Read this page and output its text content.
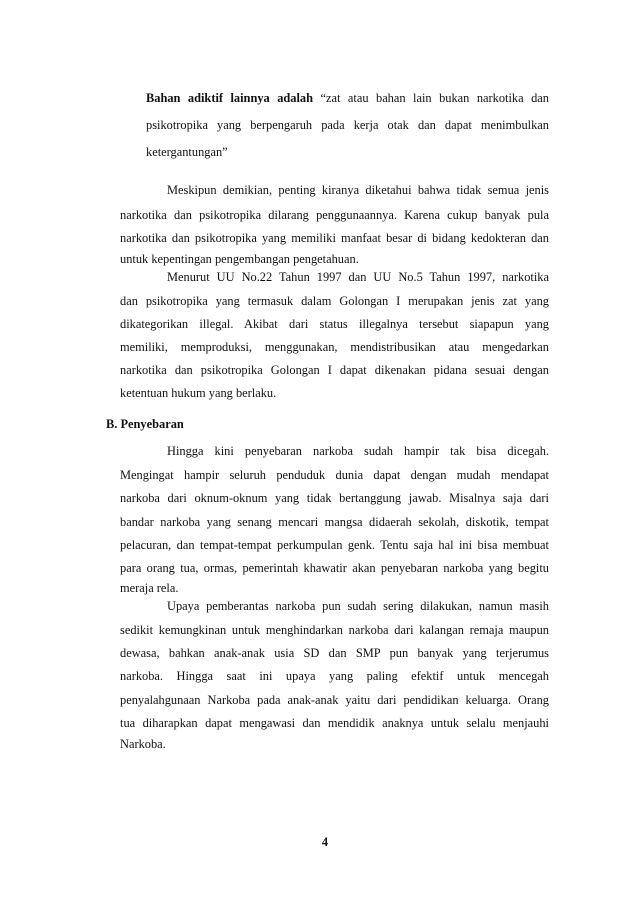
Bahan adiktif lainnya adalah “zat atau bahan lain bukan narkotika dan
psikotropika yang berpengaruh pada kerja otak dan dapat menimbulkan
ketergantungan”
Meskipun demikian, penting kiranya diketahui bahwa tidak semua jenis
narkotika dan psikotropika dilarang penggunaannya. Karena cukup banyak pula
narkotika dan psikotropika yang memiliki manfaat besar di bidang kedokteran dan
untuk kepentingan pengembangan pengetahuan.
Menurut UU No.22 Tahun 1997 dan UU No.5 Tahun 1997, narkotika
dan psikotropika yang termasuk dalam Golongan I merupakan jenis zat yang
dikategorikan illegal. Akibat dari status illegalnya tersebut siapapun yang
memiliki, memproduksi, menggunakan, mendistribusikan atau mengedarkan
narkotika dan psikotropika Golongan I dapat dikenakan pidana sesuai dengan
ketentuan hukum yang berlaku.
B. Penyebaran
Hingga kini penyebaran narkoba sudah hampir tak bisa dicegah.
Mengingat hampir seluruh penduduk dunia dapat dengan mudah mendapat
narkoba dari oknum-oknum yang tidak bertanggung jawab. Misalnya saja dari
bandar narkoba yang senang mencari mangsa didaerah sekolah, diskotik, tempat
pelacuran, dan tempat-tempat perkumpulan genk. Tentu saja hal ini bisa membuat
para orang tua, ormas, pemerintah khawatir akan penyebaran narkoba yang begitu
meraja rela.
Upaya pemberantas narkoba pun sudah sering dilakukan, namun masih
sedikit kemungkinan untuk menghindarkan narkoba dari kalangan remaja maupun
dewasa, bahkan anak-anak usia SD dan SMP pun banyak yang terjerumus
narkoba. Hingga saat ini upaya yang paling efektif untuk mencegah
penyalahgunaan Narkoba pada anak-anak yaitu dari pendidikan keluarga. Orang
tua diharapkan dapat mengawasi dan mendidik anaknya untuk selalu menjauhi
Narkoba.
4
